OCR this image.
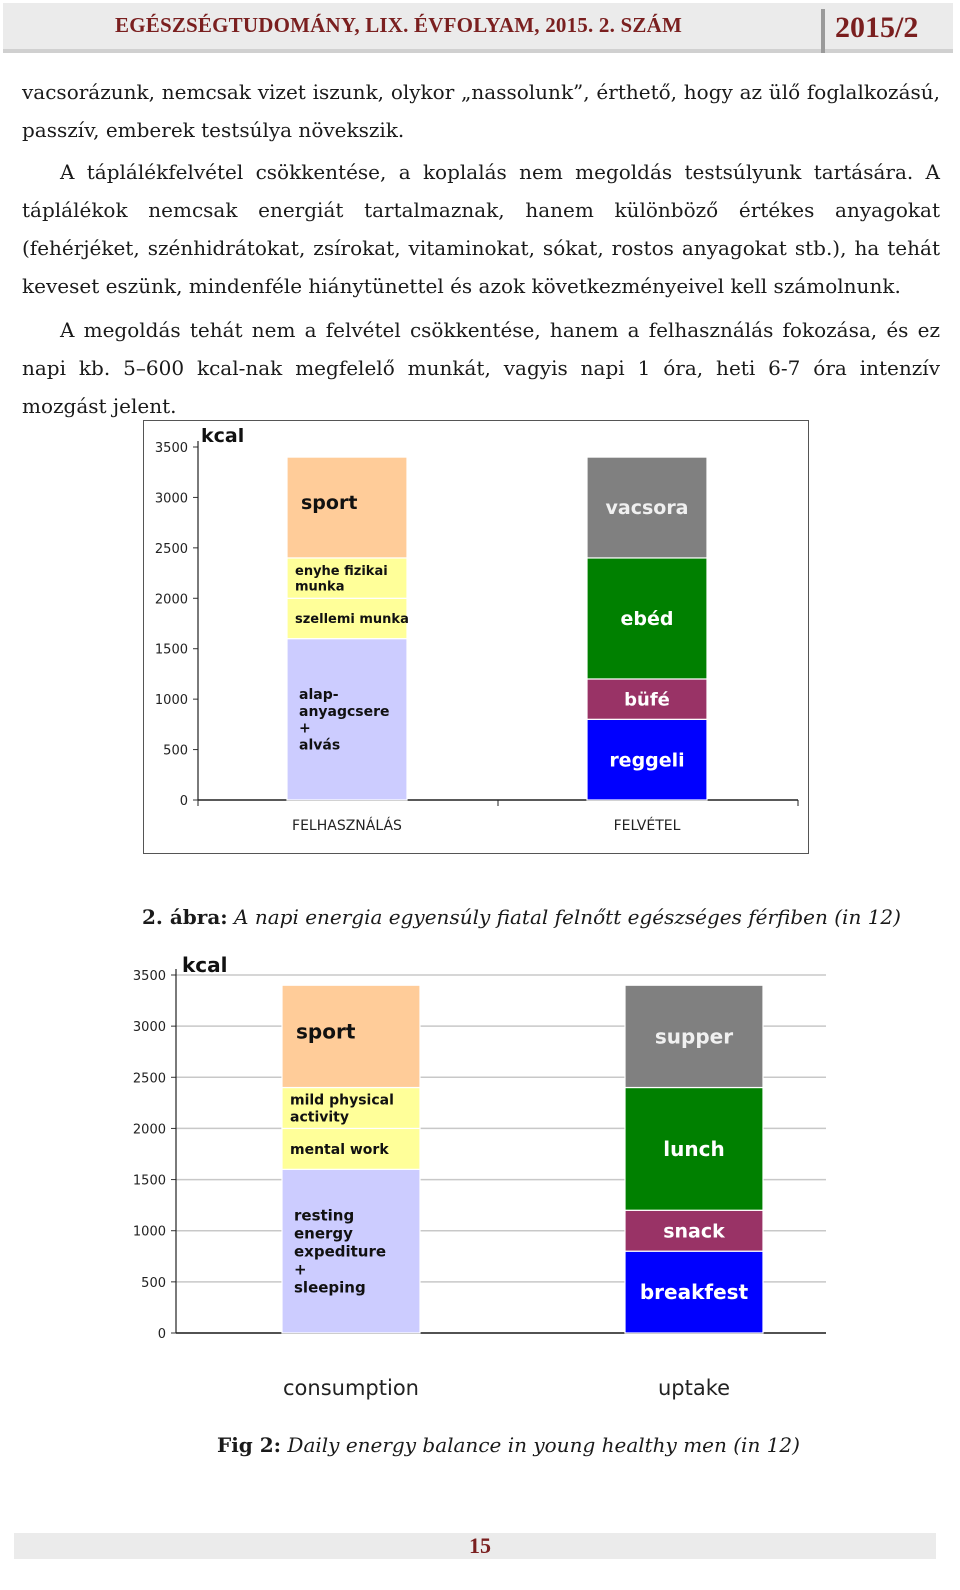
EGÉSZSÉGTUDOMÁNY, LIX. ÉVFOLYAM, 2015. 2. SZÁM	2015/2

vacsorázunk, nemcsak vizet iszunk, olykor „nassolunk”, érthető, hogy az ülő foglalkozású, passzív, emberek testsúlya növekszik.

A táplálékfelvétel csökkentése, a koplalás nem megoldás testsúlyunk tartására. A táplálékok nemcsak energiát tartalmaznak, hanem különböző értékes anyagokat (fehérjéket, szénhidrátokat, zsírokat, vitaminokat, sókat, rostos anyagokat stb.), ha tehát keveset eszünk, mindenféle hiánytünettel és azok következményeivel kell számolnunk.

A megoldás tehát nem a felvétel csökkentése, hanem a felhasználás fokozása, és ez napi kb. 5–600 kcal-nak megfelelő munkát, vagyis napi 1 óra, heti 6-7 óra intenzív mozgást jelent.

0
500
1000
1500
2000
2500
3000
3500
kcal
alap-anyagcsere + alvás
szellemi munka
enyhe fizikai munka
sport
FELHASZNÁLÁS
reggeli
büfé
ebéd
vacsora
FELVÉTEL
2. ábra: A napi energia egyensúly fiatal felnőtt egészséges férfiben (in 12)
0
500
1000
1500
2000
2500
3000
3500 kcal
resting energy expediture + sleeping
mental work
mild physical activity
sport
consumption
breakfest
snack
lunch
supper
uptake
Fig 2: Daily energy balance in young healthy men (in 12)
15
